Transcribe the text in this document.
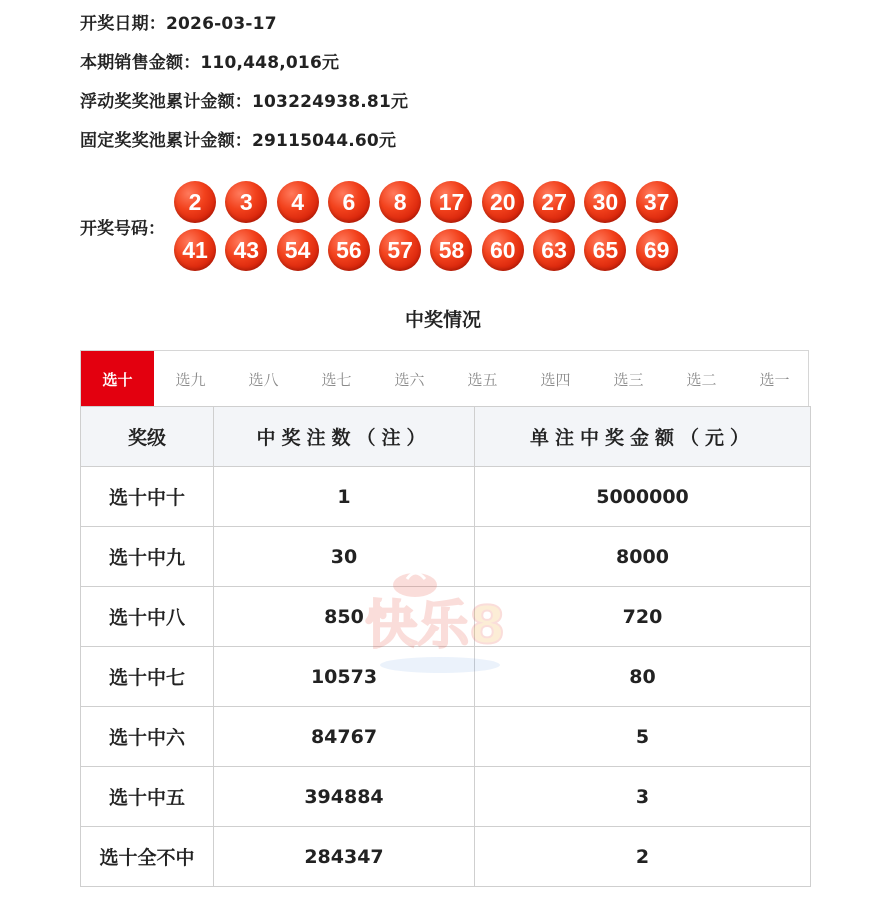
开奖日期：2026-03-17
本期销售金额：110,448,016元
浮动奖奖池累计金额：103224938.81元
固定奖奖池累计金额：29115044.60元
开奖号码：
2	3	4	6	8	17	20	27	30	37
41	43	54	56	57	58	60	63	65	69
中奖情况
选十	选九	选八	选七	选六	选五	选四	选三	选二	选一
奖级	中奖注数（注）	单注中奖金额（元）
选十中十	1	5000000
选十中九	30	8000
选十中八	850	720
选十中七	10573	80
选十中六	84767	5
选十中五	394884	3
选十全不中	284347	2
快乐8
